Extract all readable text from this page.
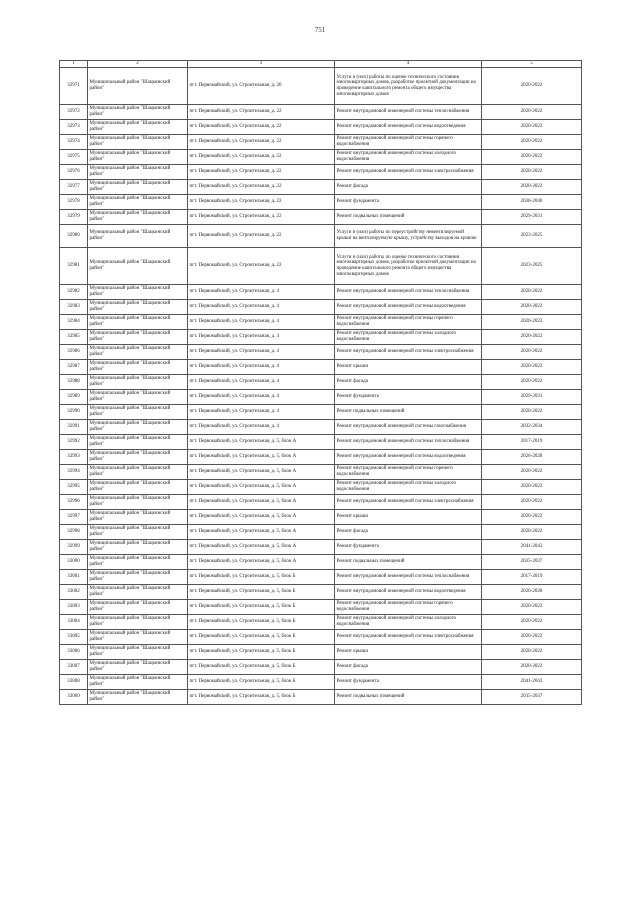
751
1	2	3	4	5
32971	Муниципальный район "Шацкинский район"	пгт. Первомайский, ул. Строительная, д. 20	Услуги и (или) работы по оценке технического состояния многоквартирных домов, разработке проектной документации на проведение капитального ремонта общего имущества многоквартирных домов	2020-2022
32972	Муниципальный район "Шацкинский район"	пгт. Первомайский, ул. Строительная, д. 22	Ремонт внутридомовой инженерной системы теплоснабжения	2020-2022
32973	Муниципальный район "Шацкинский район"	пгт. Первомайский, ул. Строительная, д. 22	Ремонт внутридомовой инженерной системы водоотведения	2020-2022
32974	Муниципальный район "Шацкинский район"	пгт. Первомайский, ул. Строительная, д. 22	Ремонт внутридомовой инженерной системы горячего водоснабжения	2020-2022
32975	Муниципальный район "Шацкинский район"	пгт. Первомайский, ул. Строительная, д. 22	Ремонт внутридомовой инженерной системы холодного водоснабжения	2020-2022
32976	Муниципальный район "Шацкинский район"	пгт. Первомайский, ул. Строительная, д. 22	Ремонт внутридомовой инженерной системы электроснабжения	2020-2022
32977	Муниципальный район "Шацкинский район"	пгт. Первомайский, ул. Строительная, д. 22	Ремонт фасада	2020-2022
32978	Муниципальный район "Шацкинский район"	пгт. Первомайский, ул. Строительная, д. 22	Ремонт фундамента	2038-2040
32979	Муниципальный район "Шацкинский район"	пгт. Первомайский, ул. Строительная, д. 22	Ремонт подвальных помещений	2029-2031
32980	Муниципальный район "Шацкинский район"	пгт. Первомайский, ул. Строительная, д. 22	Услуги и (или) работы по переустройству невентилируемой крыши на вентилируемую крышу, устройству выходов на кровлю	2023-2025
32981	Муниципальный район "Шацкинский район"	пгт. Первомайский, ул. Строительная, д. 22	Услуги и (или) работы по оценке технического состояния многоквартирных домов, разработке проектной документации на проведение капитального ремонта общего имущества многоквартирных домов	2023-2025
32982	Муниципальный район "Шацкинский район"	пгт. Первомайский, ул. Строительная, д. 4	Ремонт внутридомовой инженерной системы теплоснабжения	2020-2022
32983	Муниципальный район "Шацкинский район"	пгт. Первомайский, ул. Строительная, д. 4	Ремонт внутридомовой инженерной системы водоотведения	2020-2022
32984	Муниципальный район "Шацкинский район"	пгт. Первомайский, ул. Строительная, д. 4	Ремонт внутридомовой инженерной системы горячего водоснабжения	2020-2022
32985	Муниципальный район "Шацкинский район"	пгт. Первомайский, ул. Строительная, д. 4	Ремонт внутридомовой инженерной системы холодного водоснабжения	2020-2022
32986	Муниципальный район "Шацкинский район"	пгт. Первомайский, ул. Строительная, д. 4	Ремонт внутридомовой инженерной системы электроснабжения	2020-2022
32987	Муниципальный район "Шацкинский район"	пгт. Первомайский, ул. Строительная, д. 4	Ремонт крыши	2020-2022
32988	Муниципальный район "Шацкинский район"	пгт. Первомайский, ул. Строительная, д. 4	Ремонт фасада	2020-2022
32989	Муниципальный район "Шацкинский район"	пгт. Первомайский, ул. Строительная, д. 4	Ремонт фундамента	2029-2031
32990	Муниципальный район "Шацкинский район"	пгт. Первомайский, ул. Строительная, д. 4	Ремонт подвальных помещений	2020-2022
32991	Муниципальный район "Шацкинский район"	пгт. Первомайский, ул. Строительная, д. 4	Ремонт внутридомовой инженерной системы газоснабжения	2032-2034
32992	Муниципальный район "Шацкинский район"	пгт. Первомайский, ул. Строительная, д. 5, блок А	Ремонт внутридомовой инженерной системы теплоснабжения	2017-2019
32993	Муниципальный район "Шацкинский район"	пгт. Первомайский, ул. Строительная, д. 5, блок А	Ремонт внутридомовой инженерной системы водоотведения	2026-2028
32994	Муниципальный район "Шацкинский район"	пгт. Первомайский, ул. Строительная, д. 5, блок А	Ремонт внутридомовой инженерной системы горячего водоснабжения	2020-2022
32995	Муниципальный район "Шацкинский район"	пгт. Первомайский, ул. Строительная, д. 5, блок А	Ремонт внутридомовой инженерной системы холодного водоснабжения	2020-2022
32996	Муниципальный район "Шацкинский район"	пгт. Первомайский, ул. Строительная, д. 5, блок А	Ремонт внутридомовой инженерной системы электроснабжения	2020-2022
32997	Муниципальный район "Шацкинский район"	пгт. Первомайский, ул. Строительная, д. 5, блок А	Ремонт крыши	2020-2022
32998	Муниципальный район "Шацкинский район"	пгт. Первомайский, ул. Строительная, д. 5, блок А	Ремонт фасада	2020-2022
32999	Муниципальный район "Шацкинский район"	пгт. Первомайский, ул. Строительная, д. 5, блок А	Ремонт фундамента	2041-2043
33000	Муниципальный район "Шацкинский район"	пгт. Первомайский, ул. Строительная, д. 5, блок А	Ремонт подвальных помещений	2035-2037
33001	Муниципальный район "Шацкинский район"	пгт. Первомайский, ул. Строительная, д. 5, блок Б	Ремонт внутридомовой инженерной системы теплоснабжения	2017-2019
33002	Муниципальный район "Шацкинский район"	пгт. Первомайский, ул. Строительная, д. 5, блок Б	Ремонт внутридомовой инженерной системы водоотведения	2026-2028
33003	Муниципальный район "Шацкинский район"	пгт. Первомайский, ул. Строительная, д. 5, блок Б	Ремонт внутридомовой инженерной системы горячего водоснабжения	2020-2022
33004	Муниципальный район "Шацкинский район"	пгт. Первомайский, ул. Строительная, д. 5, блок Б	Ремонт внутридомовой инженерной системы холодного водоснабжения	2020-2022
33005	Муниципальный район "Шацкинский район"	пгт. Первомайский, ул. Строительная, д. 5, блок Б	Ремонт внутридомовой инженерной системы электроснабжения	2020-2022
33006	Муниципальный район "Шацкинский район"	пгт. Первомайский, ул. Строительная, д. 5, блок Б	Ремонт крыши	2020-2022
33007	Муниципальный район "Шацкинский район"	пгт. Первомайский, ул. Строительная, д. 5, блок Б	Ремонт фасада	2020-2022
33008	Муниципальный район "Шацкинский район"	пгт. Первомайский, ул. Строительная, д. 5, блок Б	Ремонт фундамента	2041-2043
33009	Муниципальный район "Шацкинский район"	пгт. Первомайский, ул. Строительная, д. 5, блок Б	Ремонт подвальных помещений	2035-2037
